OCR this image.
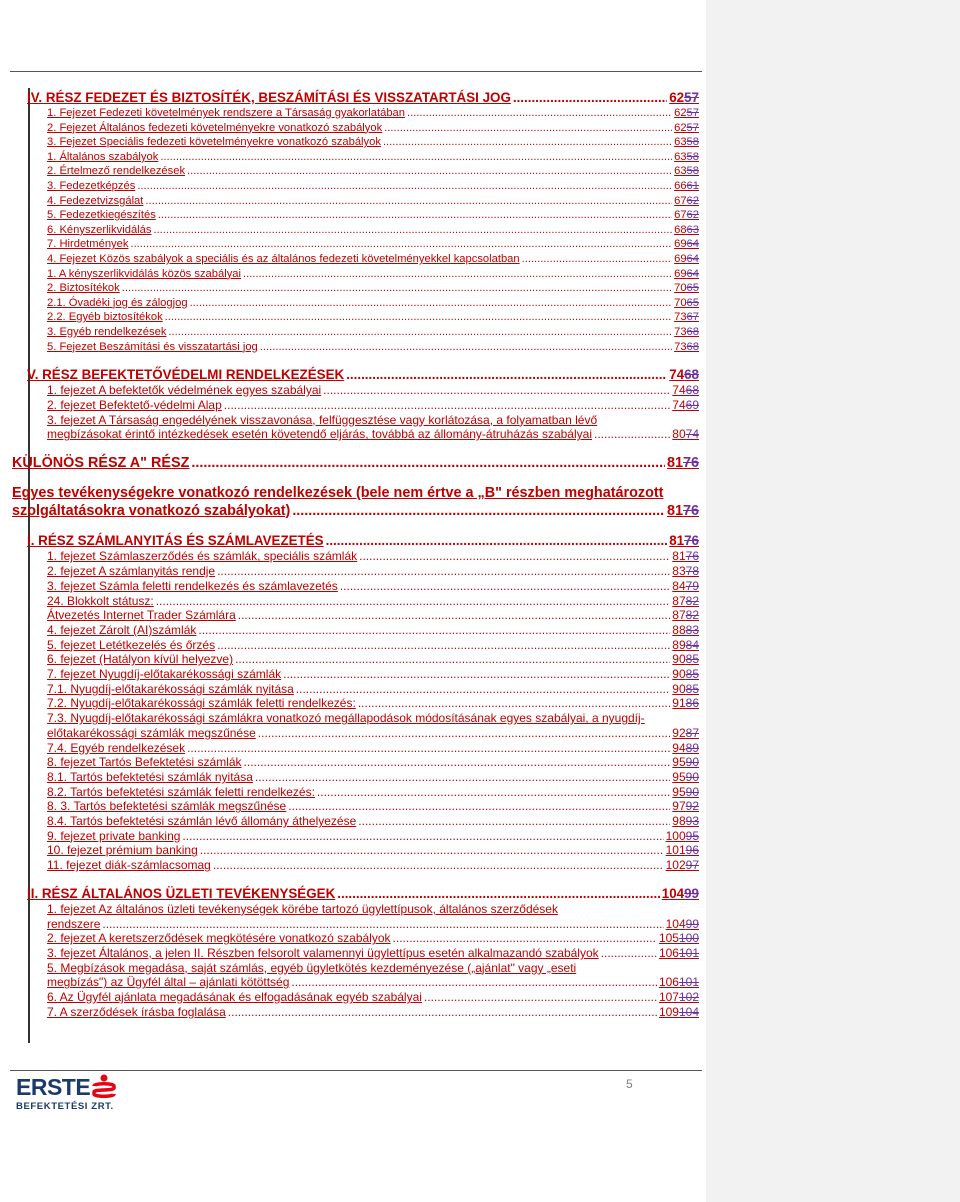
IV. RÉSZ FEDEZET ÉS BIZTOSÍTÉK, BESZÁMÍTÁSI ÉS VISSZATARTÁSI JOG .....	6257
1. Fejezet Fedezeti követelmények rendszere a Társaság gyakorlatában .....	6257
2. Fejezet Általános fedezeti követelményekre vonatkozó szabályok .....	6257
3. Fejezet Speciális fedezeti követelményekre vonatkozó szabályok .....	6358
1. Általános szabályok .....	6358
2. Értelmező rendelkezések .....	6358
3. Fedezetképzés .....	6661
4. Fedezetvizsgálat .....	6762
5. Fedezetkiegészítés .....	6762
6. Kényszerlikvidálás .....	6863
7. Hirdetmények .....	6964
4. Fejezet Közös szabályok a speciális és az általános fedezeti követelményekkel kapcsolatban .....	6964
1. A kényszerlikvidálás közös szabályai .....	6964
2. Biztosítékok .....	7065
2.1. Óvadéki jog és zálogjog .....	7065
2.2. Egyéb biztosítékok .....	7367
3. Egyéb rendelkezések .....	7368
5. Fejezet Beszámítási és visszatartási jog .....	7368
V. RÉSZ BEFEKTETŐVÉDELMI RENDELKEZÉSEK .....	7468
1. fejezet A befektetők védelmének egyes szabályai .....	7468
2. fejezet Befektető-védelmi Alap .....	7469
3. fejezet A Társaság engedélyének visszavonása, felfüggesztése vagy korlátozása, a folyamatban lévő
megbízásokat érintő intézkedések esetén követendő eljárás, továbbá az állomány-átruházás szabályai .....	8074
KÜLÖNÖS RÉSZ A" RÉSZ .....	8176
Egyes tevékenységekre vonatkozó rendelkezések (bele nem értve a „B" részben meghatározott
szolgáltatásokra vonatkozó szabályokat) .....	8176
I. RÉSZ SZÁMLANYITÁS ÉS SZÁMLAVEZETÉS .....	8176
1. fejezet Számlaszerződés és számlák, speciális számlák .....	8176
2. fejezet A számlanyitás rendje .....	8378
3. fejezet Számla feletti rendelkezés és számlavezetés .....	8479
24. Blokkolt státusz: .....	8782
Átvezetés Internet Trader Számlára .....	8782
4. fejezet Zárolt (AI)számlák .....	8883
5. fejezet Letétkezelés és őrzés .....	8984
6. fejezet (Hatályon kívül helyezve) .....	9085
7. fejezet Nyugdíj-előtakarékossági számlák .....	9085
7.1. Nyugdíj-előtakarékossági számlák nyitása .....	9085
7.2. Nyugdíj-előtakarékossági számlák feletti rendelkezés: .....	9186
7.3. Nyugdíj-előtakarékossági számlákra vonatkozó megállapodások módosításának egyes szabályai, a nyugdíj-
előtakarékossági számlák megszűnése .....	9287
7.4. Egyéb rendelkezések .....	9489
8. fejezet Tartós Befektetési számlák .....	9590
8.1. Tartós befektetési számlák nyitása .....	9590
8.2. Tartós befektetési számlák feletti rendelkezés: .....	9590
8. 3. Tartós befektetési számlák megszűnése .....	9792
8.4. Tartós befektetési számlán lévő állomány áthelyezése .....	9893
9. fejezet private banking .....	10095
10. fejezet prémium banking .....	10196
11. fejezet diák-számlacsomag .....	10297
II. RÉSZ ÁLTALÁNOS ÜZLETI TEVÉKENYSÉGEK .....	10499
1. fejezet Az általános üzleti tevékenységek körébe tartozó ügylettípusok, általános szerződések
rendszere .....	10499
2. fejezet A keretszerződések megkötésére vonatkozó szabályok .....	105100
3. fejezet Általános, a jelen II. Részben felsorolt valamennyi ügylettípus esetén alkalmazandó szabályok .....	106101
5. Megbízások megadása, saját számlás, egyéb ügyletkötés kezdeményezése („ajánlat" vagy „eseti
megbízás") az Ügyfél által – ajánlati kötöttség .....	106101
6. Az Ügyfél ajánlata megadásának és elfogadásának egyéb szabályai .....	107102
7. A szerződések írásba foglalása .....	109104
ERSTE
BEFEKTETÉSI ZRT.
5
